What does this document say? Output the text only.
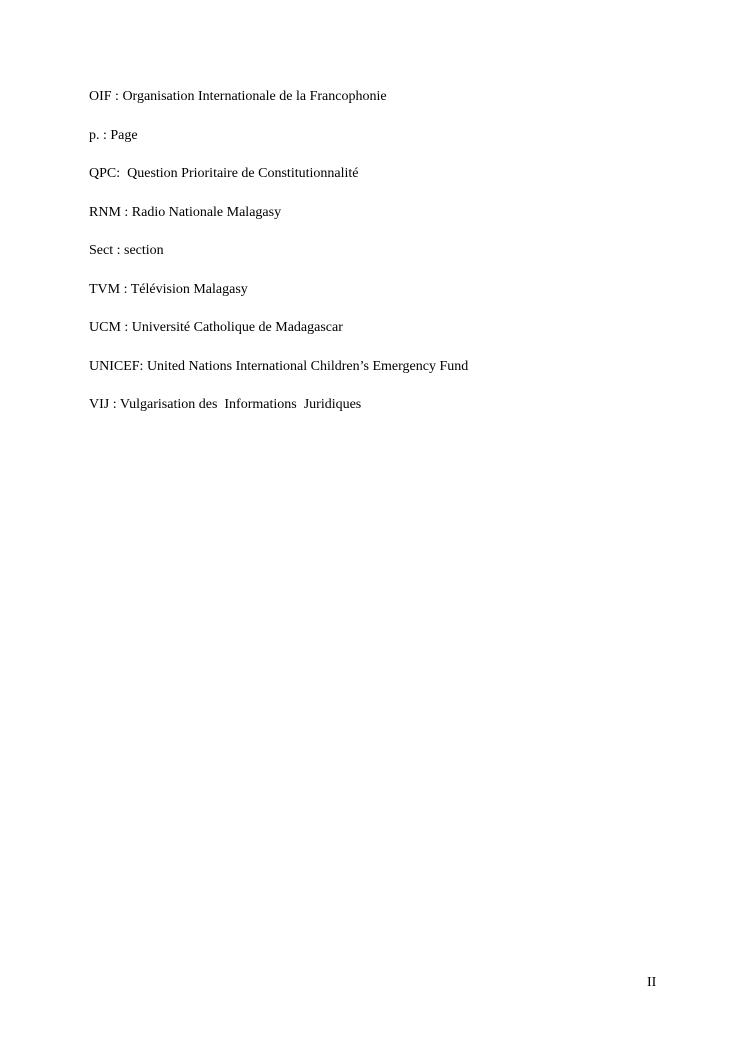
OIF : Organisation Internationale de la Francophonie
p. : Page
QPC:  Question Prioritaire de Constitutionnalité
RNM : Radio Nationale Malagasy
Sect : section
TVM : Télévision Malagasy
UCM : Université Catholique de Madagascar
UNICEF: United Nations International Children’s Emergency Fund
VIJ : Vulgarisation des  Informations  Juridiques
II
